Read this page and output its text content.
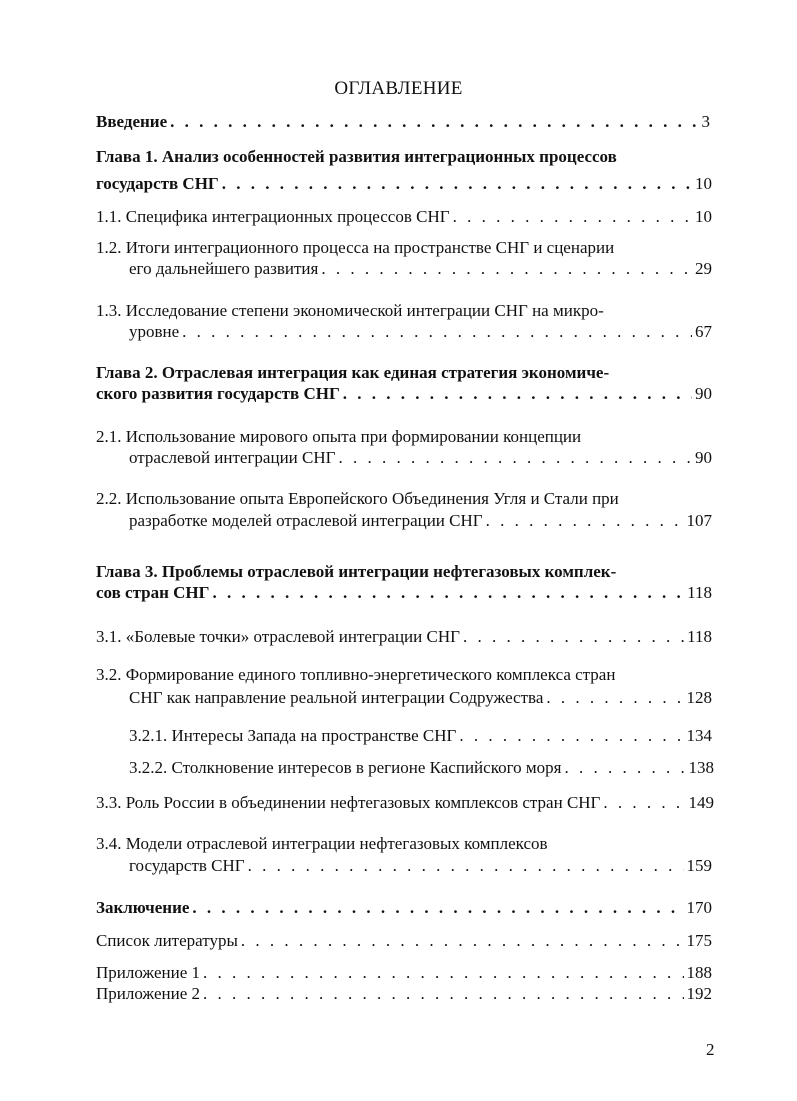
ОГЛАВЛЕНИЕ
Введение . . .	3
Глава 1. Анализ особенностей развития интеграционных процессов
государств СНГ . . .	10
1.1. Специфика интеграционных процессов СНГ . . .	10
1.2. Итоги интеграционного процесса на пространстве СНГ и сценарии
его дальнейшего развития . . .	29
1.3. Исследование степени экономической интеграции СНГ на микро-
уровне . . .	67
Глава 2. Отраслевая интеграция как единая стратегия экономиче-
ского развития государств СНГ . . .	90
2.1. Использование мирового опыта при формировании концепции
отраслевой интеграции СНГ . . .	90
2.2. Использование опыта Европейского Объединения Угля и Стали при
разработке моделей отраслевой интеграции СНГ . . .	107
Глава 3. Проблемы отраслевой интеграции нефтегазовых комплек-
сов стран СНГ . . .	118
3.1. «Болевые точки» отраслевой интеграции СНГ . . .	118
3.2. Формирование единого топливно-энергетического комплекса стран
СНГ как направление реальной интеграции Содружества . . .	128
3.2.1. Интересы Запада на пространстве СНГ . . .	134
3.2.2. Столкновение интересов в регионе Каспийского моря . . .	138
3.3. Роль России в объединении нефтегазовых комплексов стран СНГ . . .	149
3.4. Модели отраслевой интеграции нефтегазовых комплексов
государств СНГ . . .	159
Заключение . . .	170
Список литературы . . .	175
Приложение 1 . . .	188
Приложение 2 . . .	192
2
